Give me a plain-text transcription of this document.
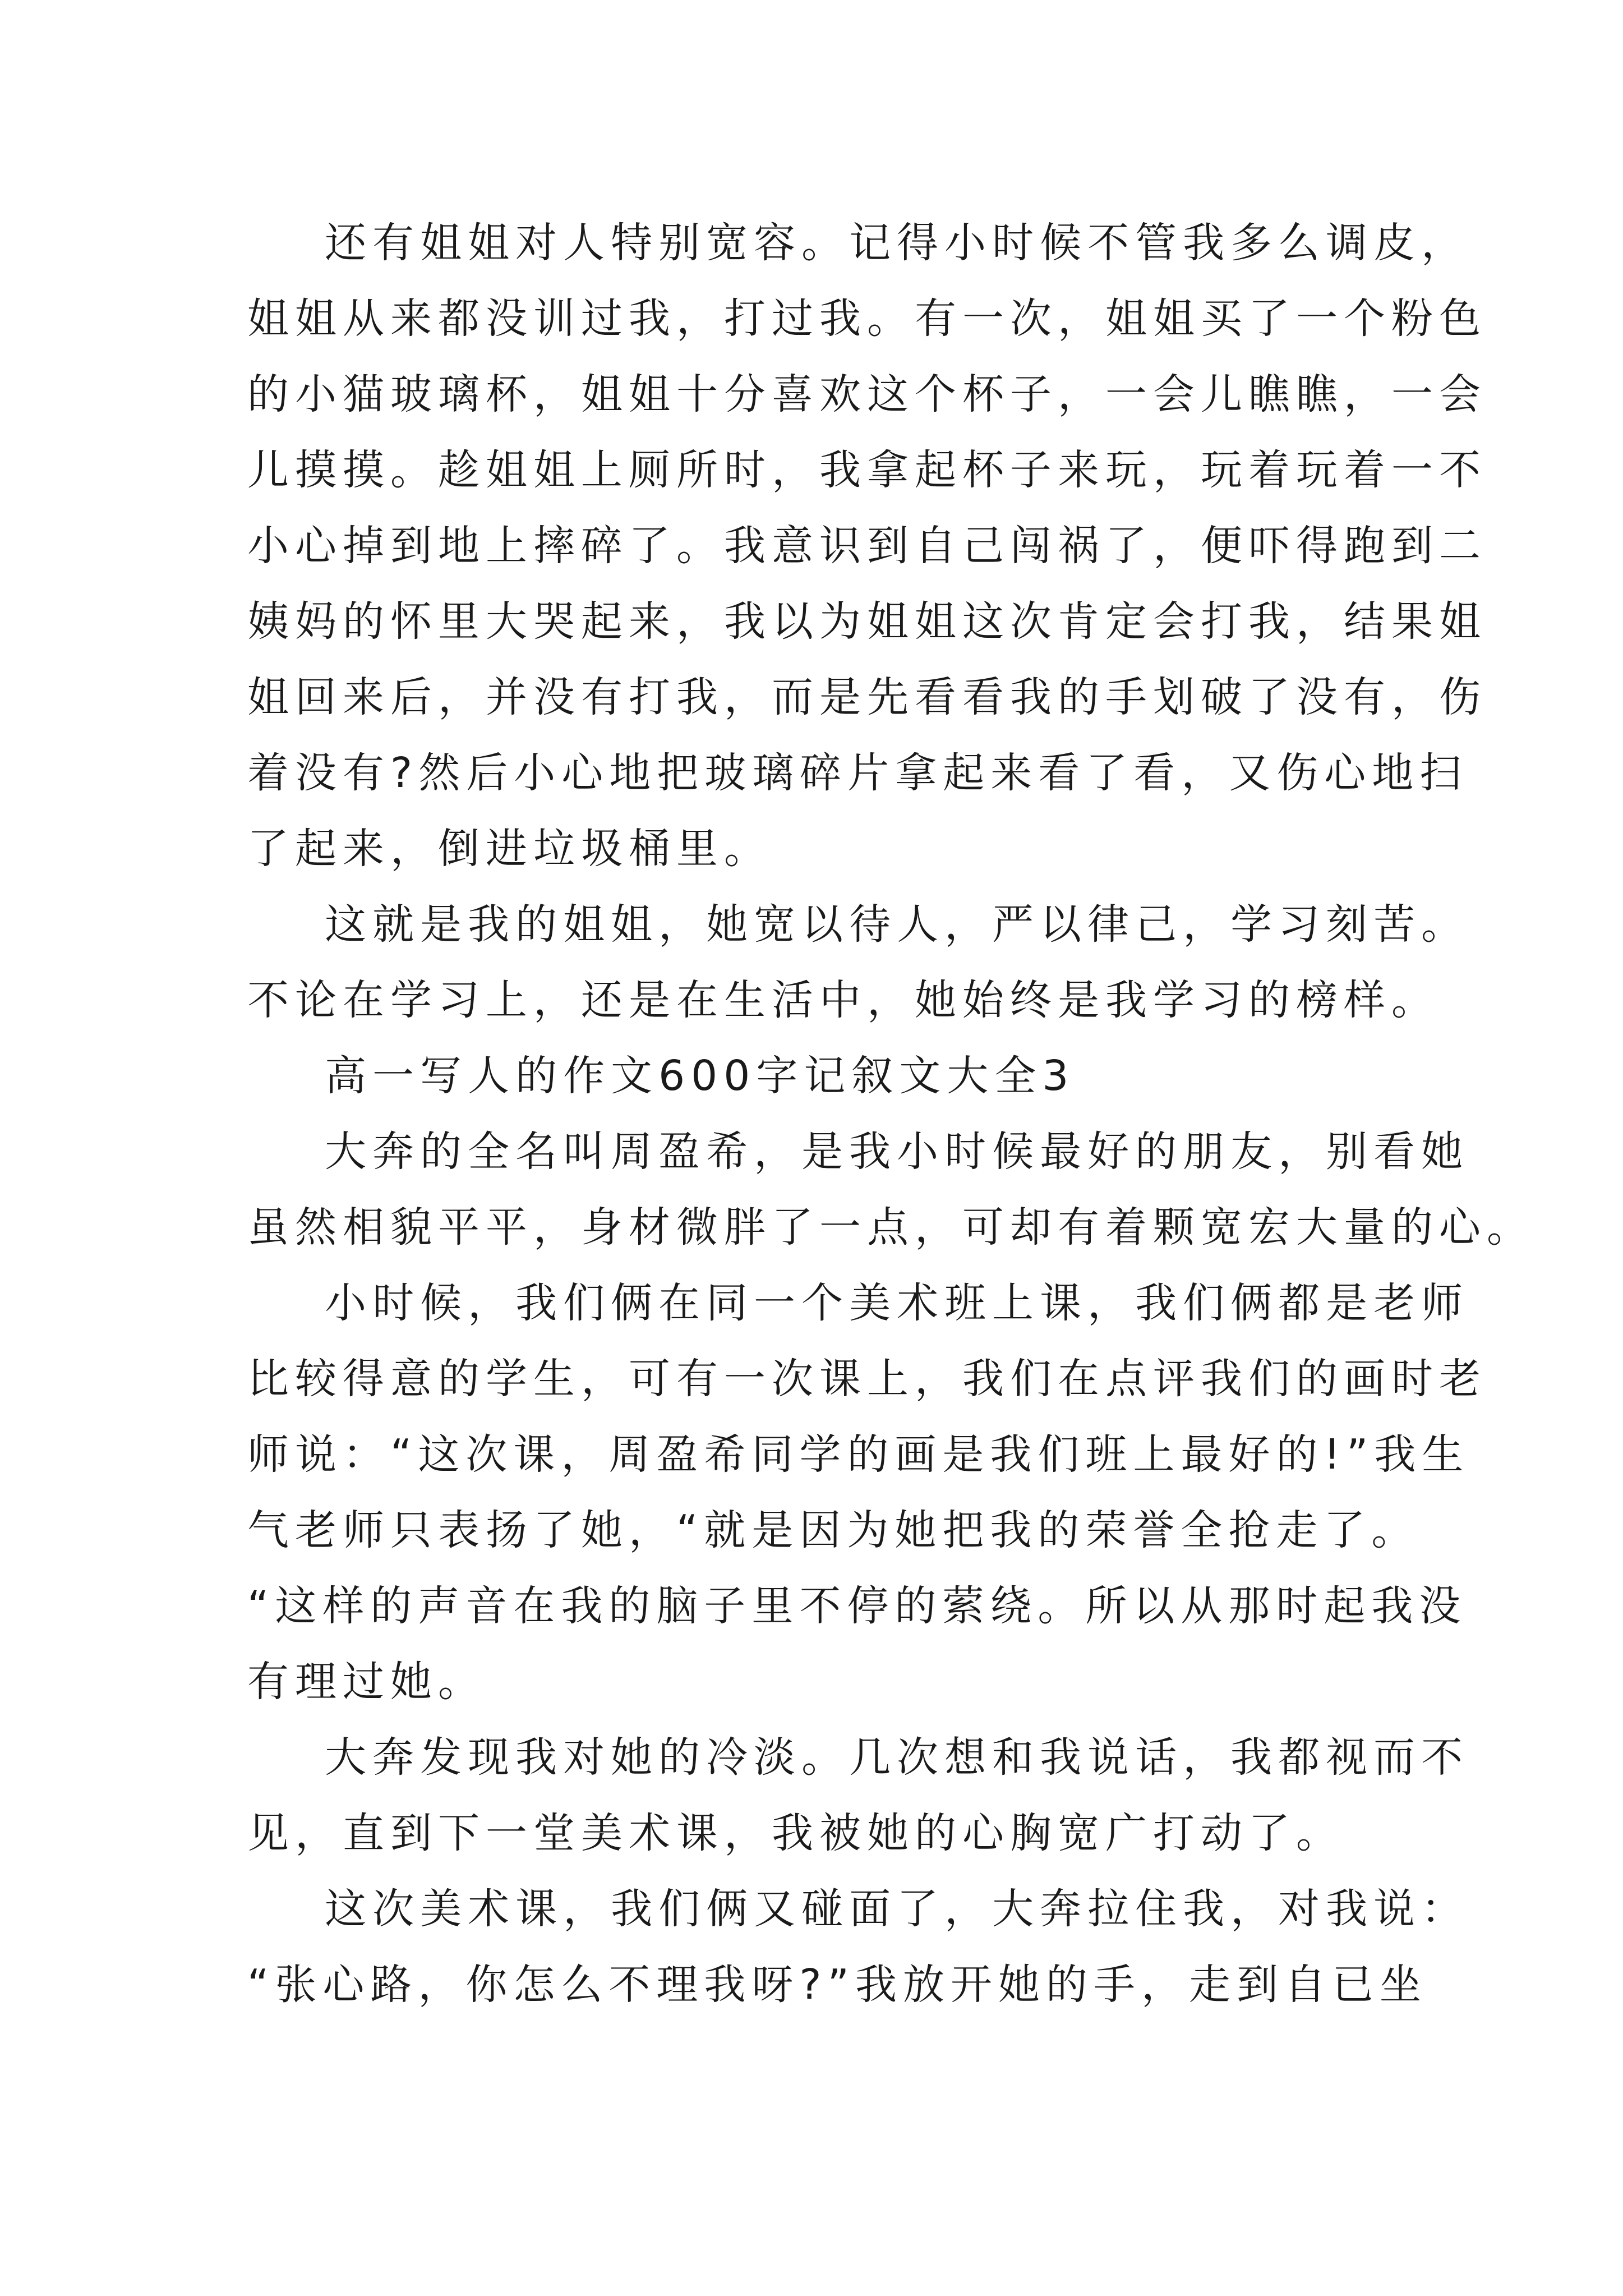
还有姐姐对人特别宽容。记得小时候不管我多么调皮，
姐姐从来都没训过我，打过我。有一次，姐姐买了一个粉色
的小猫玻璃杯，姐姐十分喜欢这个杯子，一会儿瞧瞧，一会
儿摸摸。趁姐姐上厕所时，我拿起杯子来玩，玩着玩着一不
小心掉到地上摔碎了。我意识到自己闯祸了，便吓得跑到二
姨妈的怀里大哭起来，我以为姐姐这次肯定会打我，结果姐
姐回来后，并没有打我，而是先看看我的手划破了没有，伤
着没有?然后小心地把玻璃碎片拿起来看了看，又伤心地扫
了起来，倒进垃圾桶里。
这就是我的姐姐，她宽以待人，严以律己，学习刻苦。
不论在学习上，还是在生活中，她始终是我学习的榜样。
高一写人的作文600字记叙文大全3
大奔的全名叫周盈希，是我小时候最好的朋友，别看她
虽然相貌平平，身材微胖了一点，可却有着颗宽宏大量的心。
小时候，我们俩在同一个美术班上课，我们俩都是老师
比较得意的学生，可有一次课上，我们在点评我们的画时老
师说：“这次课，周盈希同学的画是我们班上最好的!”我生
气老师只表扬了她，“就是因为她把我的荣誉全抢走了。
“这样的声音在我的脑子里不停的萦绕。所以从那时起我没
有理过她。
大奔发现我对她的冷淡。几次想和我说话，我都视而不
见，直到下一堂美术课，我被她的心胸宽广打动了。
这次美术课，我们俩又碰面了，大奔拉住我，对我说：
“张心路，你怎么不理我呀?”我放开她的手，走到自已坐
